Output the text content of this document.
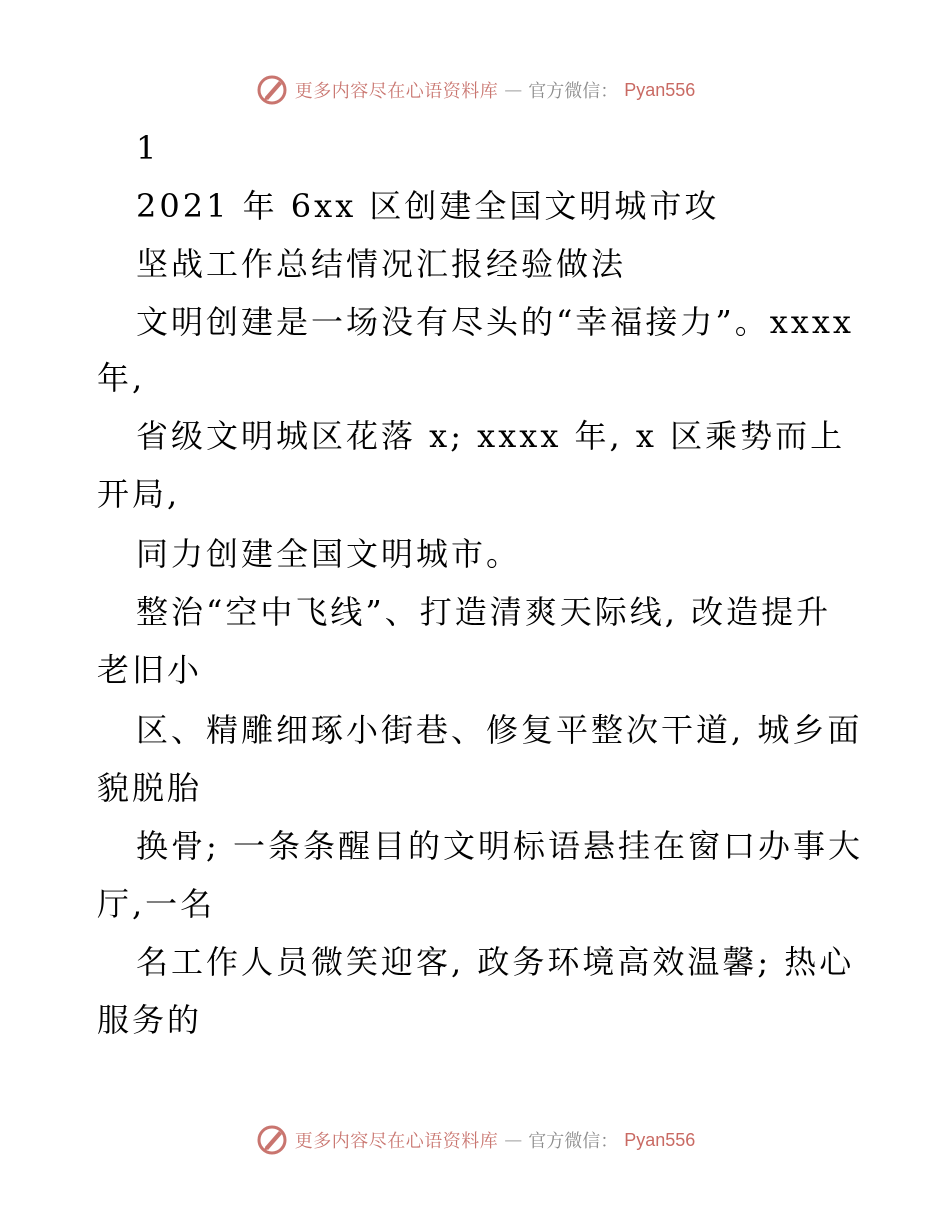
更多内容尽在心语资料库 — 官方微信： Pyan556
1
2021 年 6xx 区创建全国文明城市攻
坚战工作总结情况汇报经验做法
文明创建是一场没有尽头的“幸福接力”。xxxx
年,
省级文明城区花落 x; xxxx 年, x 区乘势而上
开局,
同力创建全国文明城市。
整治“空中飞线”、打造清爽天际线, 改造提升
老旧小
区、精雕细琢小街巷、修复平整次干道, 城乡面
貌脱胎
换骨; 一条条醒目的文明标语悬挂在窗口办事大
厅,一名
名工作人员微笑迎客, 政务环境高效温馨; 热心
服务的
更多内容尽在心语资料库 — 官方微信： Pyan556
